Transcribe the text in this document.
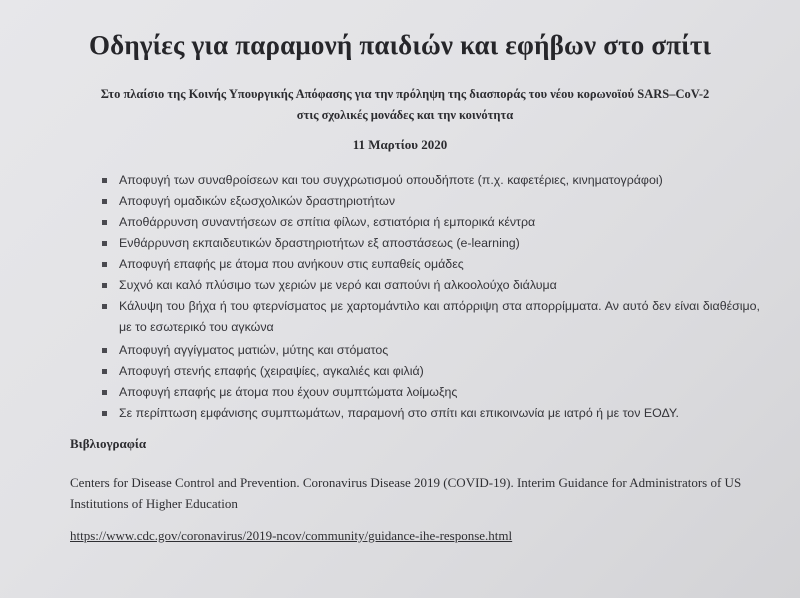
Οδηγίες για παραμονή παιδιών και εφήβων στο σπίτι
Στο πλαίσιο της Κοινής Υπουργικής Απόφασης για την πρόληψη της διασποράς του νέου κορωνοϊού SARS–CoV-2
στις σχολικές μονάδες και την κοινότητα
11 Μαρτίου 2020
Αποφυγή των συναθροίσεων και του συγχρωτισμού οπουδήποτε (π.χ. καφετέριες, κινηματογράφοι)
Αποφυγή ομαδικών εξωσχολικών δραστηριοτήτων
Αποθάρρυνση συναντήσεων σε σπίτια φίλων, εστιατόρια ή εμπορικά κέντρα
Ενθάρρυνση εκπαιδευτικών δραστηριοτήτων εξ αποστάσεως (e-learning)
Αποφυγή επαφής με άτομα που ανήκουν στις ευπαθείς ομάδες
Συχνό και καλό πλύσιμο των χεριών με νερό και σαπούνι ή αλκοολούχο διάλυμα
Κάλυψη του βήχα ή του φτερνίσματος με χαρτομάντιλο και απόρριψη στα απορρίμματα. Αν αυτό δεν είναι διαθέσιμο, με το εσωτερικό του αγκώνα
Αποφυγή αγγίγματος ματιών, μύτης και στόματος
Αποφυγή στενής επαφής (χειραψίες, αγκαλιές και φιλιά)
Αποφυγή επαφής με άτομα που έχουν συμπτώματα λοίμωξης
Σε περίπτωση εμφάνισης συμπτωμάτων, παραμονή στο σπίτι και επικοινωνία με ιατρό ή με τον ΕΟΔΥ.
Βιβλιογραφία
Centers for Disease Control and Prevention. Coronavirus Disease 2019 (COVID-19). Interim Guidance for Administrators of US Institutions of Higher Education
https://www.cdc.gov/coronavirus/2019-ncov/community/guidance-ihe-response.html
